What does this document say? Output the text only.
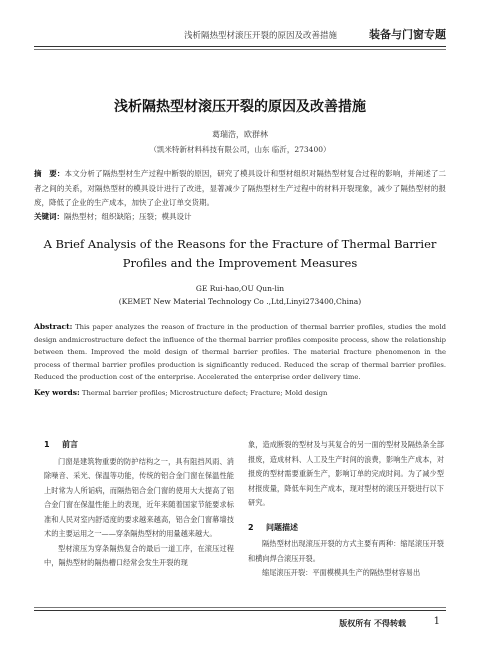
浅析隔热型材滚压开裂的原因及改善措施	装备与门窗专题
浅析隔热型材滚压开裂的原因及改善措施
葛瑞浩，欧群林
（凯米特新材料科技有限公司，山东 临沂，273400）
摘　要：本文分析了隔热型材生产过程中断裂的原因，研究了模具设计和型材组织对隔热型材复合过程的影响，并阐述了二者之间的关系，对隔热型材的模具设计进行了改进，显著减少了隔热型材生产过程中的材料开裂现象，减少了隔热型材的报废，降低了企业的生产成本，加快了企业订单交货期。
关键词：隔热型材；组织缺陷；压裂；模具设计
A Brief Analysis of the Reasons for the Fracture of Thermal Barrier Profiles and the Improvement Measures
GE Rui-hao,OU Qun-lin
(KEMET New Material Technology Co .,Ltd,Linyi273400,China)
Abstract: This paper analyzes the reason of fracture in the production of thermal barrier profiles, studies the mold design andmicrostructure defect the influence of the thermal barrier profiles composite process, show the relationship between them. Improved the mold design of thermal barrier profiles. The material fracture phenomenon in the process of thermal barrier profiles production is significantly reduced. Reduced the scrap of thermal barrier profiles. Reduced the production cost of the enterprise. Accelerated the enterprise order delivery time.
Key words: Thermal barrier profiles; Microstructure defect; Fracture; Mold design
1 前言

门窗是建筑物重要的防护结构之一，具有阻挡风雨、消除噪音、采光、保温等功能，传统的铝合金门窗在保温性能上时常为人所诟病，而隔热铝合金门窗的使用大大提高了铝合金门窗在保温性能上的表现，近年来随着国家节能要求标准和人民对室内舒适度的要求越来越高，铝合金门窗幕墙技术的主要运用之一——穿条隔热型材的用量越来越大。

型材滚压为穿条隔热复合的最后一道工序，在滚压过程中，隔热型材的隔热槽口经常会发生开裂的现

象，造成断裂的型材及与其复合的另一面的型材及隔热条全部报废，造成材料、人工及生产时间的浪费，影响生产成本，对报废的型材需要重新生产，影响订单的完成时间。为了减少型材报废量，降低车间生产成本，现对型材的滚压开裂进行以下研究。

2 问题描述

隔热型材出现滚压开裂的方式主要有两种：缩尾滚压开裂和横向焊合滚压开裂。

缩尾滚压开裂：平面模模具生产的隔热型材容易出

版权所有 不得转载	1
